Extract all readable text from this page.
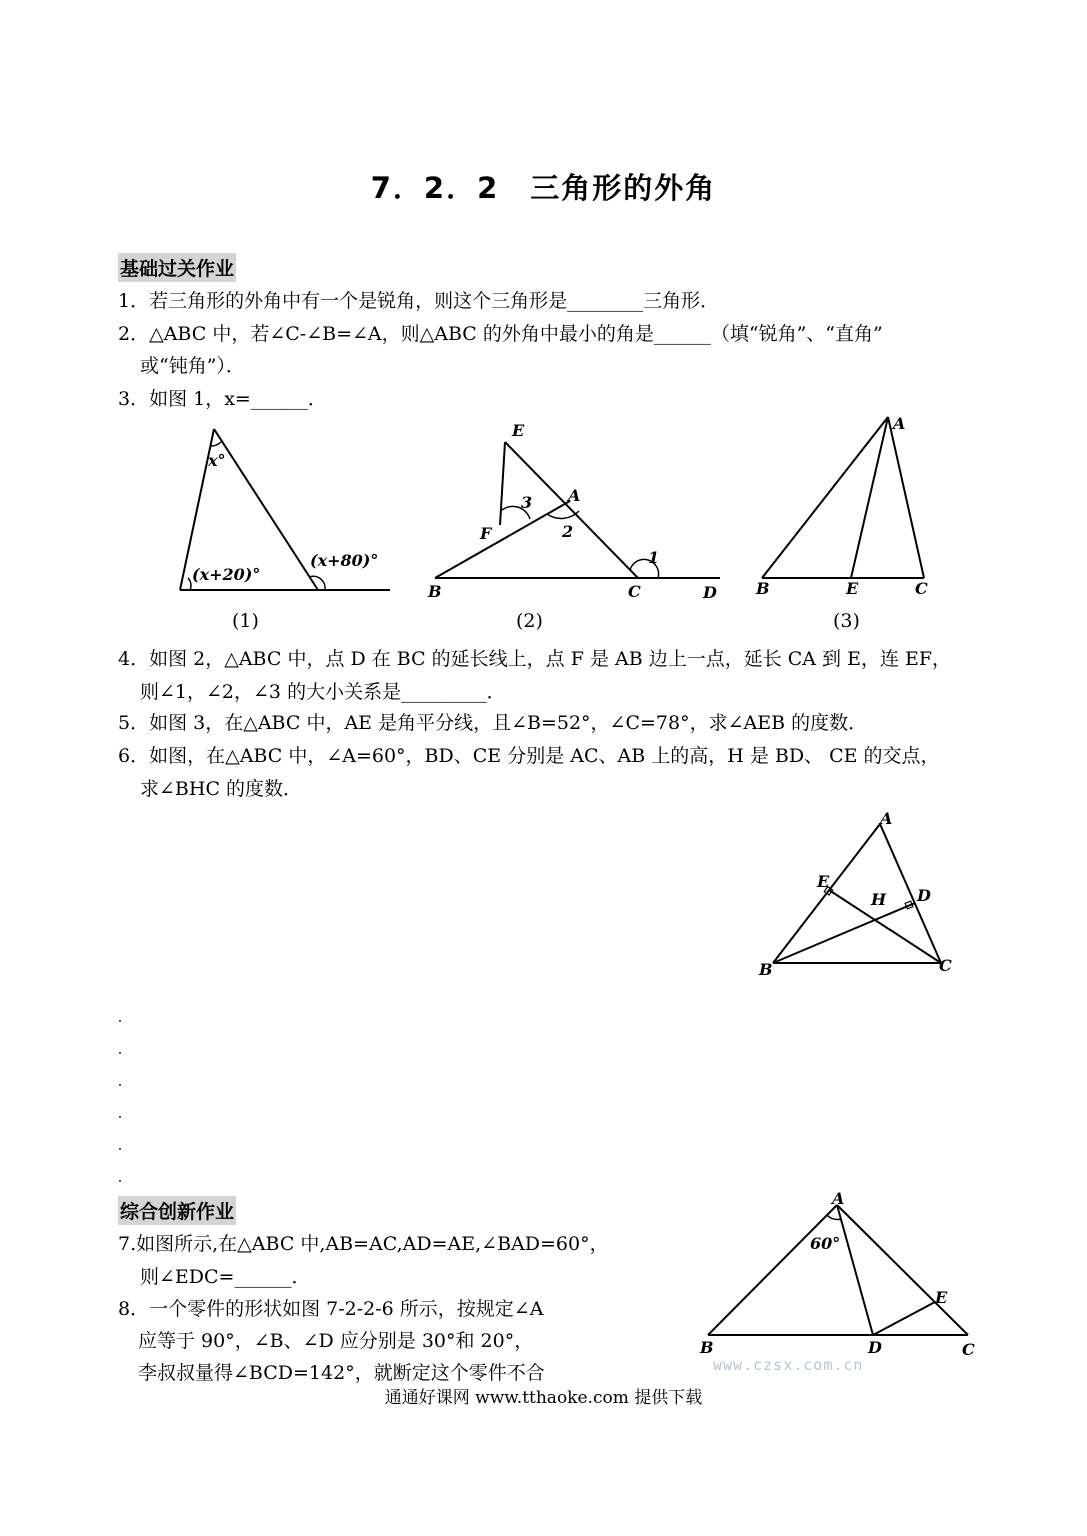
7．2．2　三角形的外角
基础过关作业
1．若三角形的外角中有一个是锐角，则这个三角形是________三角形．
2．△ABC 中，若∠C-∠B=∠A，则△ABC 的外角中最小的角是______（填“锐角”、“直角”
或“钝角”）．
3．如图 1，x=______．
x°
(x+20)°
(x+80)°
E
A
3
2
F
1
B	C	D
A
B	E	C
(1)	(2)	(3)
4．如图 2，△ABC 中，点 D 在 BC 的延长线上，点 F 是 AB 边上一点，延长 CA 到 E，连 EF，
则∠1，∠2，∠3 的大小关系是_________．
5．如图 3，在△ABC 中，AE 是角平分线，且∠B=52°，∠C=78°，求∠AEB 的度数．
6．如图，在△ABC 中，∠A=60°，BD、CE 分别是 AC、AB 上的高，H 是 BD、 CE 的交点，
求∠BHC 的度数．
A
E
H D
B	C
综合创新作业
7.如图所示,在△ABC 中,AB=AC,AD=AE,∠BAD=60°，
则∠EDC=______．
8．一个零件的形状如图 7-2-2-6 所示，按规定∠A
应等于 90°，∠B、∠D 应分别是 30°和 20°，
李叔叔量得∠BCD=142°，就断定这个零件不合
A
60°
E
B	D	C
www.czsx.com.cn
通通好课网 www.tthaoke.com 提供下载
